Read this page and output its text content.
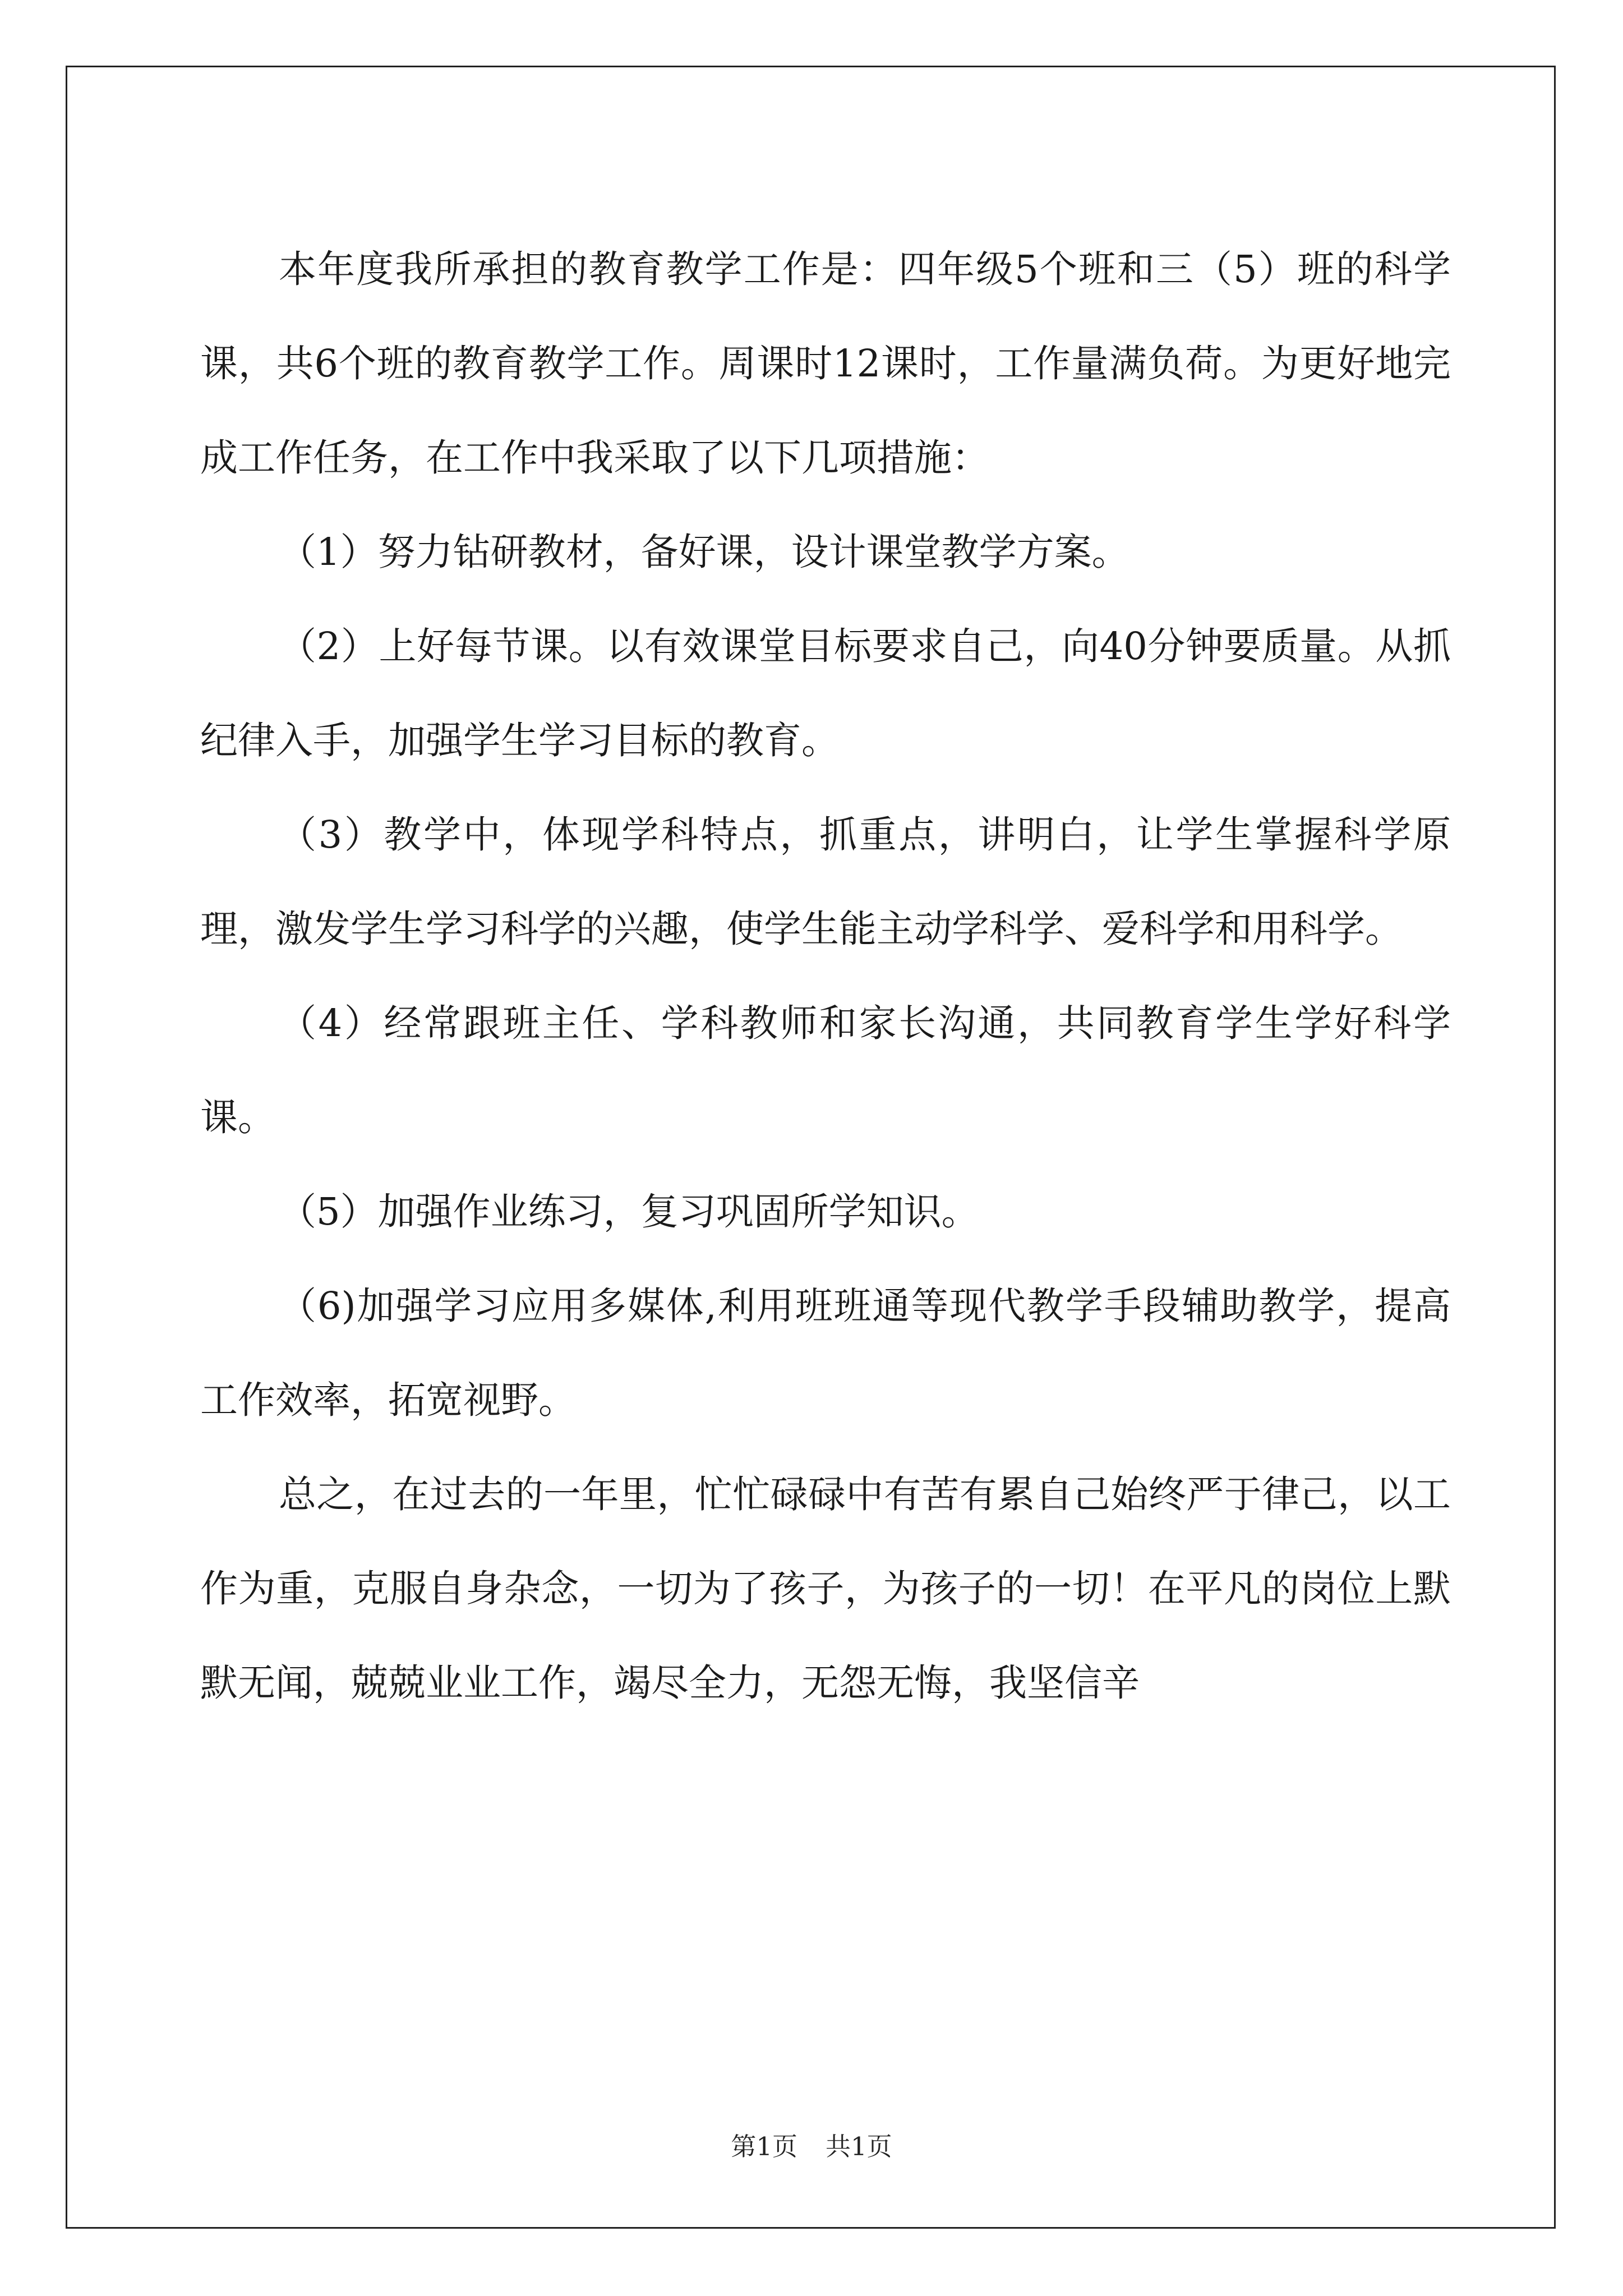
本年度我所承担的教育教学工作是：四年级5个班和三（5）班的科学课，共6个班的教育教学工作。周课时12课时，工作量满负荷。为更好地完成工作任务，在工作中我采取了以下几项措施：

（1）努力钻研教材，备好课，设计课堂教学方案。

（2）上好每节课。以有效课堂目标要求自己，向40分钟要质量。从抓纪律入手，加强学生学习目标的教育。

（3）教学中，体现学科特点，抓重点，讲明白，让学生掌握科学原理，激发学生学习科学的兴趣，使学生能主动学科学、爱科学和用科学。

（4）经常跟班主任、学科教师和家长沟通，共同教育学生学好科学课。

（5）加强作业练习，复习巩固所学知识。

（6)加强学习应用多媒体,利用班班通等现代教学手段辅助教学，提高工作效率，拓宽视野。

总之，在过去的一年里，忙忙碌碌中有苦有累自己始终严于律己，以工作为重，克服自身杂念，一切为了孩子，为孩子的一切！在平凡的岗位上默默无闻，兢兢业业工作，竭尽全力，无怨无悔，我坚信辛

第1页 共1页
